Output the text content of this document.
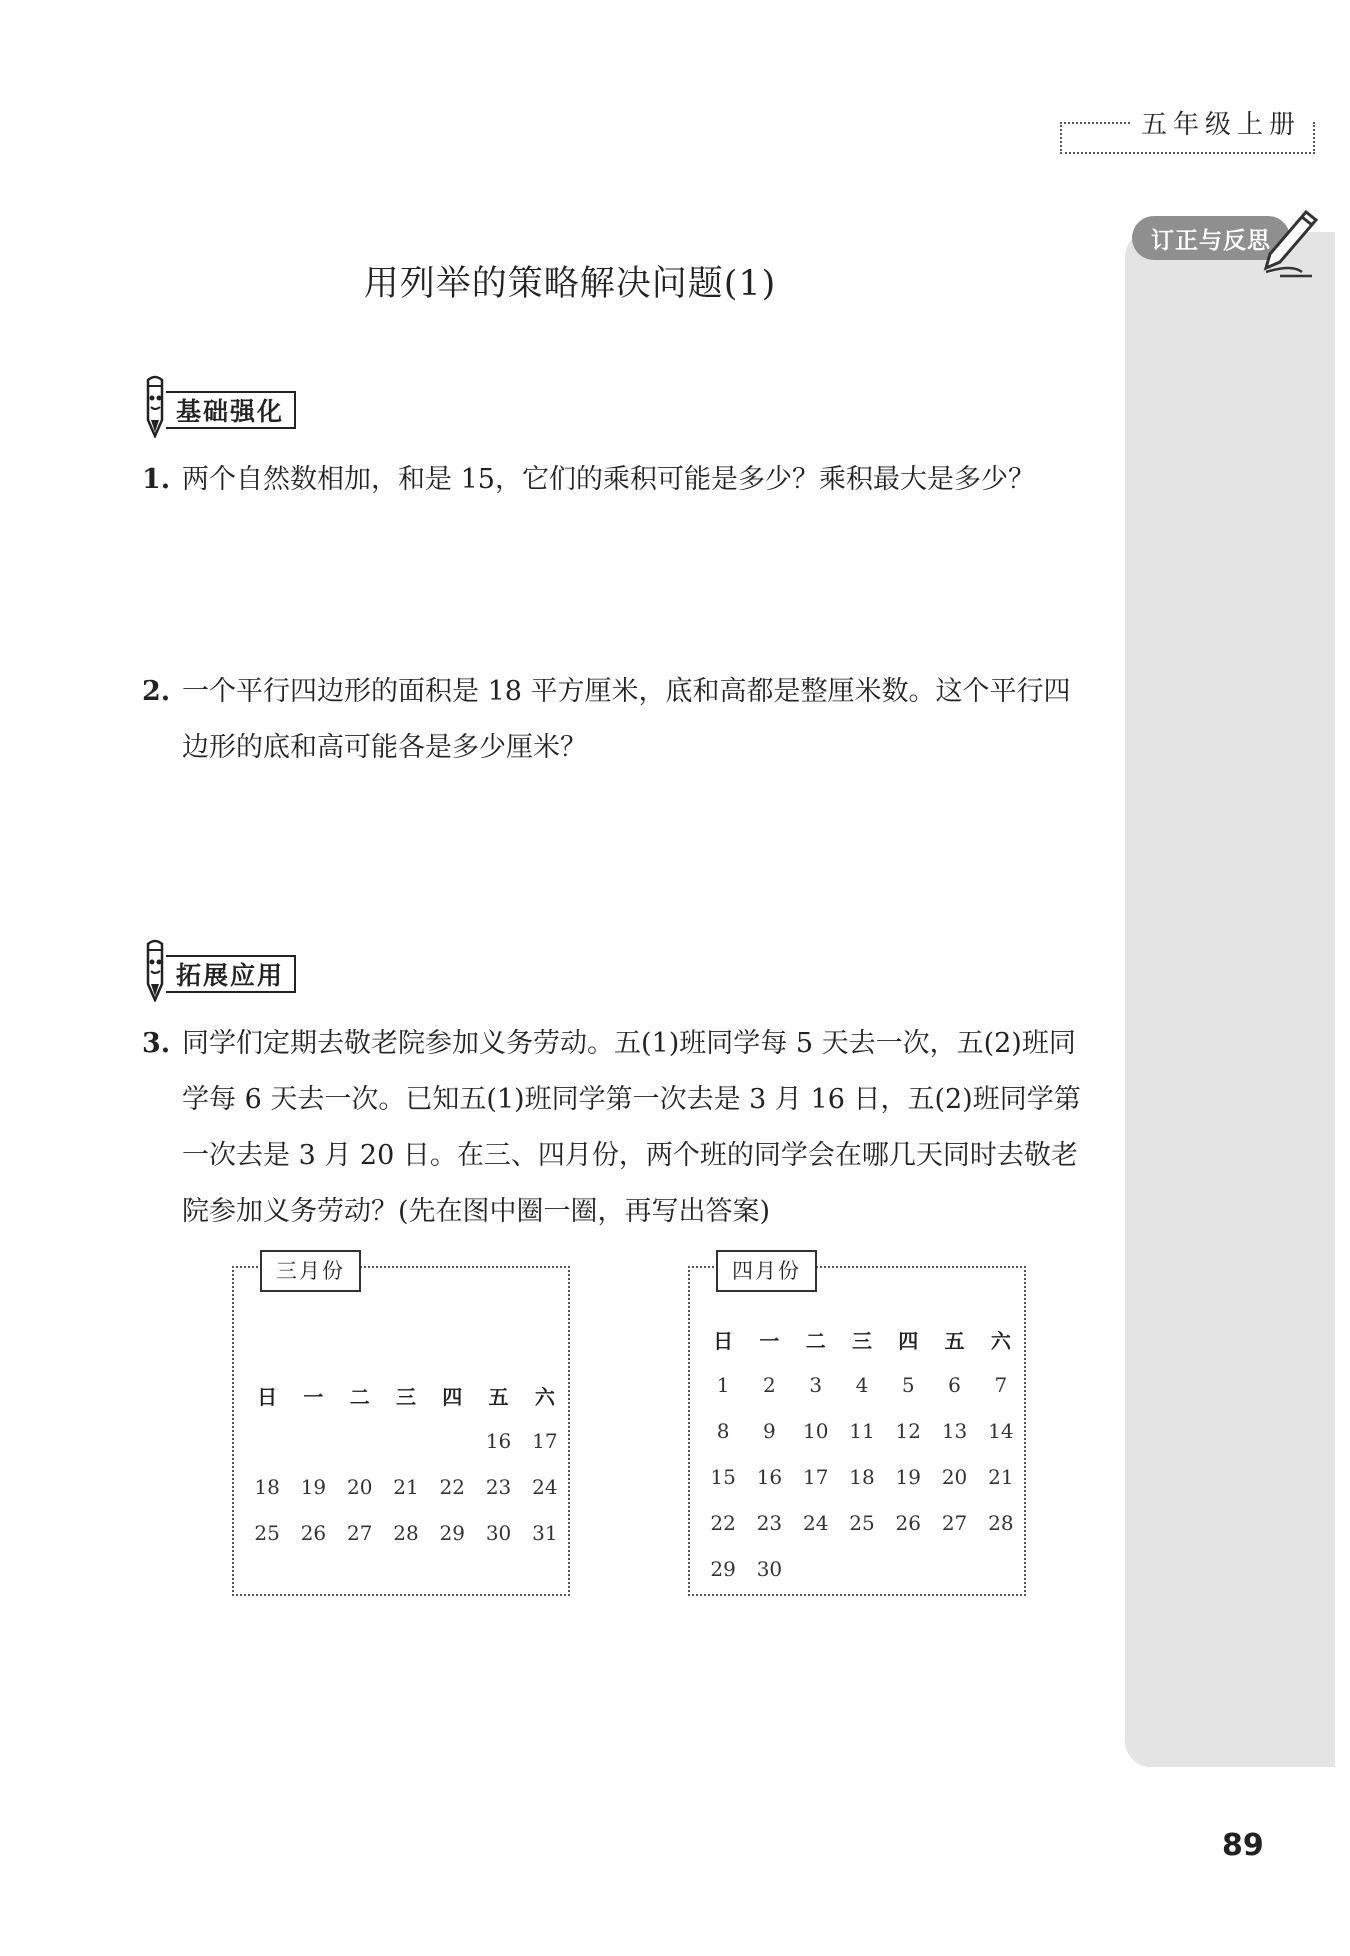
五年级上册
订正与反思
用列举的策略解决问题(1)
基础强化
1. 两个自然数相加，和是 15，它们的乘积可能是多少？乘积最大是多少？
2. 一个平行四边形的面积是 18 平方厘米，底和高都是整厘米数。这个平行四边形的底和高可能各是多少厘米？
拓展应用
3. 同学们定期去敬老院参加义务劳动。五(1)班同学每 5 天去一次，五(2)班同学每 6 天去一次。已知五(1)班同学第一次去是 3 月 16 日，五(2)班同学第一次去是 3 月 20 日。在三、四月份，两个班的同学会在哪几天同时去敬老院参加义务劳动？(先在图中圈一圈，再写出答案)
三月份
日	一	二	三	四	五	六
					16	17
18	19	20	21	22	23	24
25	26	27	28	29	30	31
四月份
日	一	二	三	四	五	六
1	2	3	4	5	6	7
8	9	10	11	12	13	14
15	16	17	18	19	20	21
22	23	24	25	26	27	28
29	30					
89
